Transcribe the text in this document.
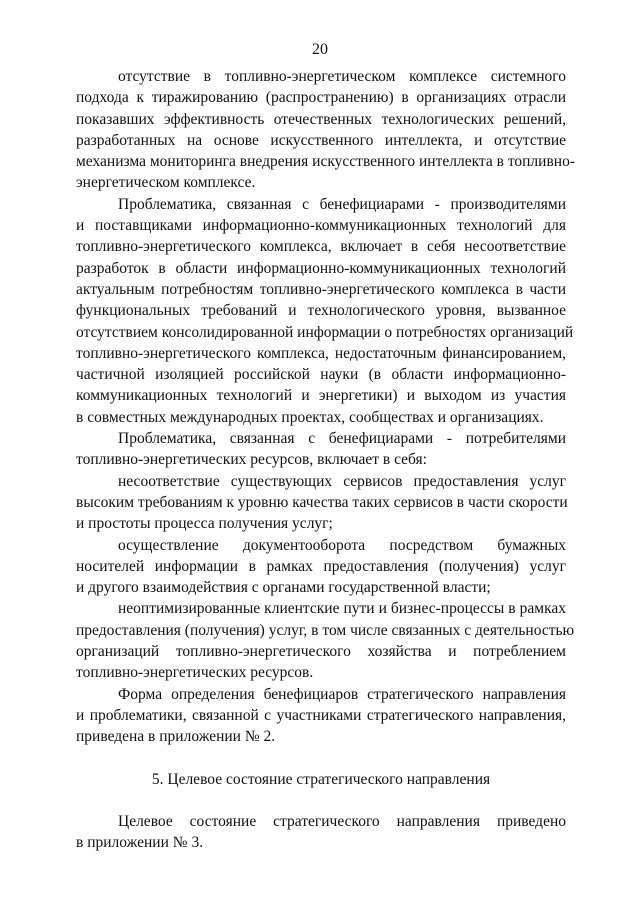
20

отсутствие в топливно-энергетическом комплексе системного
подхода к тиражированию (распространению) в организациях отрасли
показавших эффективность отечественных технологических решений,
разработанных на основе искусственного интеллекта, и отсутствие
механизма мониторинга внедрения искусственного интеллекта в топливно-
энергетическом комплексе.

Проблематика, связанная с бенефициарами - производителями
и поставщиками информационно-коммуникационных технологий для
топливно-энергетического комплекса, включает в себя несоответствие
разработок в области информационно-коммуникационных технологий
актуальным потребностям топливно-энергетического комплекса в части
функциональных требований и технологического уровня, вызванное
отсутствием консолидированной информации о потребностях организаций
топливно-энергетического комплекса, недостаточным финансированием,
частичной изоляцией российской науки (в области информационно-
коммуникационных технологий и энергетики) и выходом из участия
в совместных международных проектах, сообществах и организациях.

Проблематика, связанная с бенефициарами - потребителями
топливно-энергетических ресурсов, включает в себя:

несоответствие существующих сервисов предоставления услуг
высоким требованиям к уровню качества таких сервисов в части скорости
и простоты процесса получения услуг;

осуществление документооборота посредством бумажных
носителей информации в рамках предоставления (получения) услуг
и другого взаимодействия с органами государственной власти;

неоптимизированные клиентские пути и бизнес-процессы в рамках
предоставления (получения) услуг, в том числе связанных с деятельностью
организаций топливно-энергетического хозяйства и потреблением
топливно-энергетических ресурсов.

Форма определения бенефициаров стратегического направления
и проблематики, связанной с участниками стратегического направления,
приведена в приложении № 2.

5. Целевое состояние стратегического направления

Целевое состояние стратегического направления приведено
в приложении № 3.
